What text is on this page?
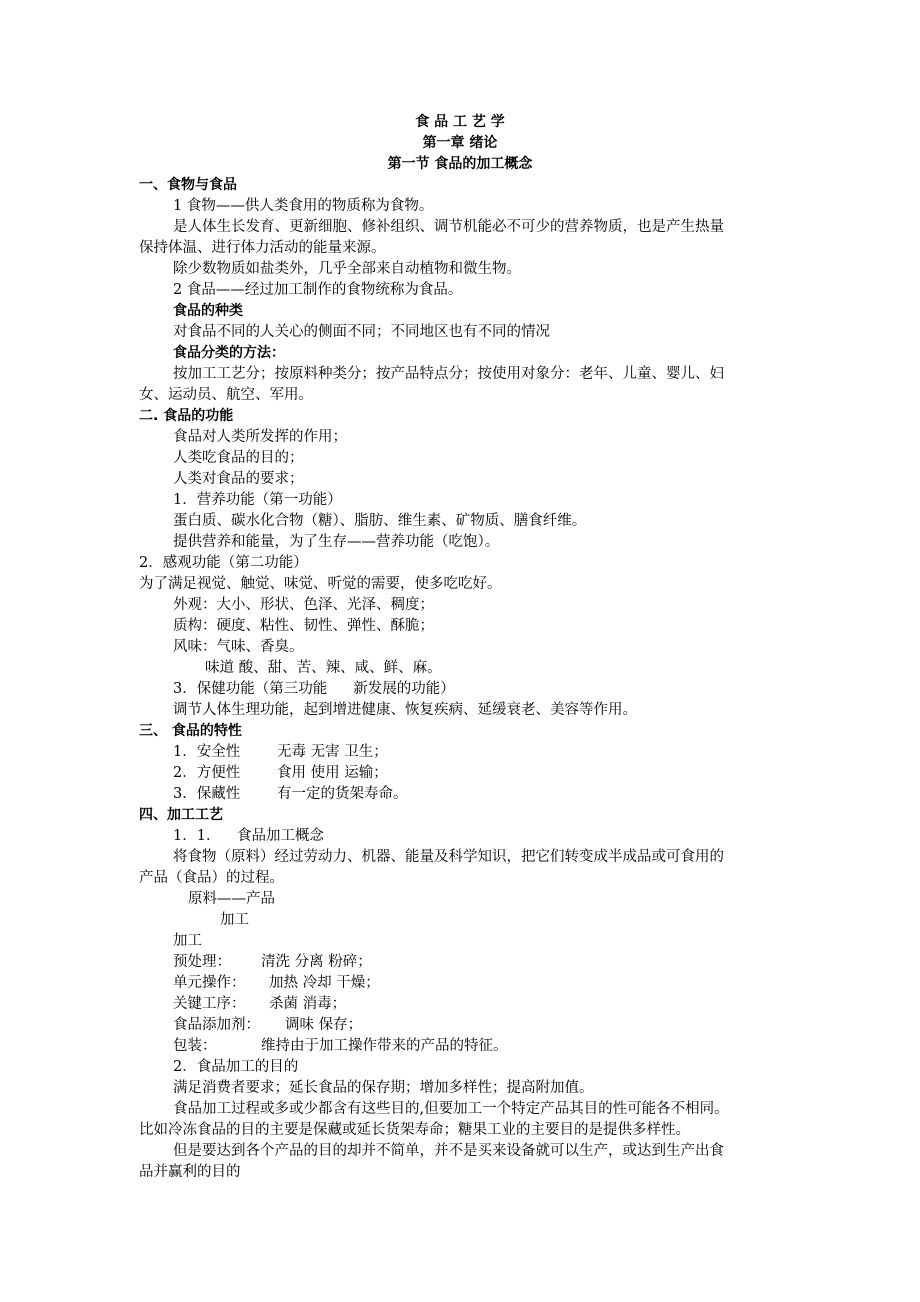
食 品 工 艺 学
第一章 绪论
第一节 食品的加工概念
一、食物与食品
1 食物——供人类食用的物质称为食物。
是人体生长发育、更新细胞、修补组织、调节机能必不可少的营养物质，也是产生热量
保持体温、进行体力活动的能量来源。
除少数物质如盐类外，几乎全部来自动植物和微生物。
2 食品——经过加工制作的食物统称为食品。
食品的种类
对食品不同的人关心的侧面不同；不同地区也有不同的情况
食品分类的方法：
按加工工艺分；按原料种类分；按产品特点分；按使用对象分：老年、儿童、婴儿、妇
女、运动员、航空、军用。
二. 食品的功能
食品对人类所发挥的作用；
人类吃食品的目的；
人类对食品的要求；
1．营养功能（第一功能）
蛋白质、碳水化合物（糖）、脂肪、维生素、矿物质、膳食纤维。
提供营养和能量，为了生存——营养功能（吃饱）。
2．感观功能（第二功能）
为了满足视觉、触觉、味觉、听觉的需要，使多吃吃好。
外观：大小、形状、色泽、光泽、稠度；
质构：硬度、粘性、韧性、弹性、酥脆；
风味：气味、香臭。
味道 酸、甜、苦、辣、咸、鲜、麻。
3．保健功能（第三功能 新发展的功能）
调节人体生理功能，起到增进健康、恢复疾病、延缓衰老、美容等作用。
三、 食品的特性
1．安全性	无毒 无害 卫生；
2．方便性	食用 使用 运输；
3．保藏性	有一定的货架寿命。
四、加工工艺
1．1． 食品加工概念
将食物（原料）经过劳动力、机器、能量及科学知识，把它们转变成半成品或可食用的
产品（食品）的过程。
原料——产品
加工
加工
预处理： 清洗 分离 粉碎；
单元操作： 加热 冷却 干燥；
关键工序： 杀菌 消毒；
食品添加剂： 调味 保存；
包装：	维持由于加工操作带来的产品的特征。
2．食品加工的目的
满足消费者要求；延长食品的保存期；增加多样性；提高附加值。
食品加工过程或多或少都含有这些目的,但要加工一个特定产品其目的性可能各不相同。
比如冷冻食品的目的主要是保藏或延长货架寿命；糖果工业的主要目的是提供多样性。
但是要达到各个产品的目的却并不简单，并不是买来设备就可以生产，或达到生产出食
品并赢利的目的
